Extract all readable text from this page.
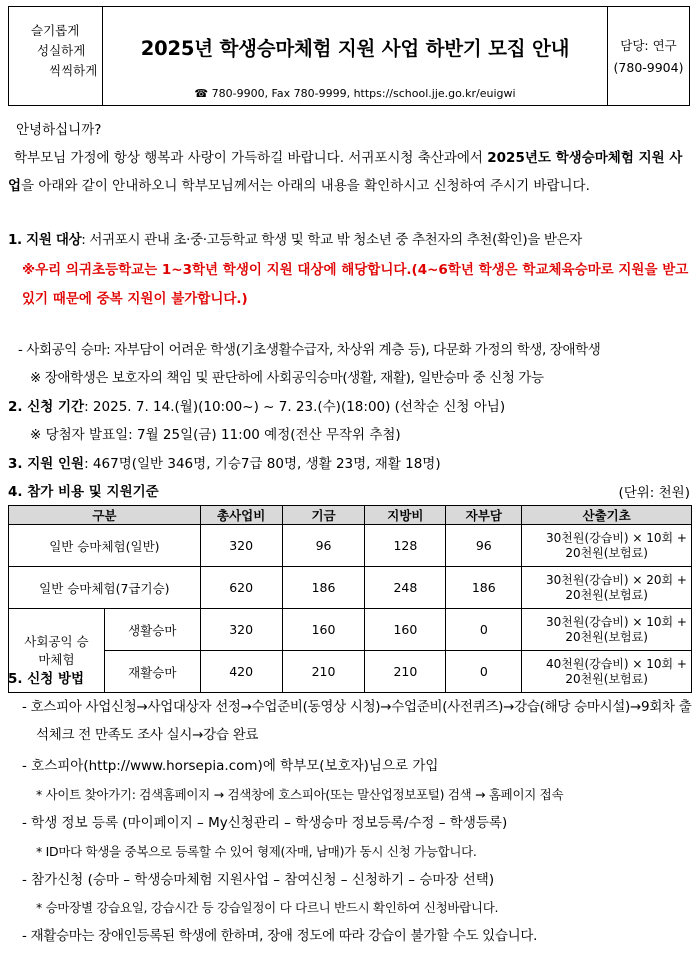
슬기롭게
성실하게
씩씩하게
2025년 학생승마체험 지원 사업 하반기 모집 안내
☎ 780-9900, Fax 780-9999, https://school.jje.go.kr/euigwi
담당: 연구
(780-9904)

안녕하십니까?

학부모님 가정에 항상 행복과 사랑이 가득하길 바랍니다. 서귀포시청 축산과에서 2025년도 학생승마체험 지원 사업을 아래와 같이 안내하오니 학부모님께서는 아래의 내용을 확인하시고 신청하여 주시기 바랍니다.

1. 지원 대상: 서귀포시 관내 초·중·고등학교 학생 및 학교 밖 청소년 중 추천자의 추천(확인)을 받은자

※우리 의귀초등학교는 1~3학년 학생이 지원 대상에 해당합니다.(4~6학년 학생은 학교체육승마로 지원을 받고 있기 때문에 중복 지원이 불가합니다.)

- 사회공익 승마: 자부담이 어려운 학생(기초생활수급자, 차상위 계층 등), 다문화 가정의 학생, 장애학생

※ 장애학생은 보호자의 책임 및 판단하에 사회공익승마(생활, 재활), 일반승마 중 신청 가능

2. 신청 기간: 2025. 7. 14.(월)(10:00~) ~ 7. 23.(수)(18:00) (선착순 신청 아님)

※ 당첨자 발표일: 7월 25일(금) 11:00 예정(전산 무작위 추첨)

3. 지원 인원: 467명(일반 346명, 기승7급 80명, 생활 23명, 재활 18명)

4. 참가 비용 및 지원기준	(단위: 천원)
구분		총사업비	기금	지방비	자부담	산출기초
일반 승마체험(일반)		320	96	128	96	30천원(강습비) × 10회 +
20천원(보험료)

일반 승마체험(7급기승)		620	186	248	186	30천원(강습비) × 20회 +
20천원(보험료)

사회공익 승마체험	생활승마	320	160	160	0	30천원(강습비) × 10회 +
20천원(보험료)

	재활승마	420	210	210	0	40천원(강습비) × 10회 +
20천원(보험료)

5. 신청 방법

- 호스피아 사업신청→사업대상자 선정→수업준비(동영상 시청)→수업준비(사전퀴즈)→강습(해당 승마시설)→9회차 출석체크 전 만족도 조사 실시→강습 완료

- 호스피아(http://www.horsepia.com)에 학부모(보호자)님으로 가입

* 사이트 찾아가기: 검색홈페이지 → 검색창에 호스피아(또는 말산업정보포털) 검색 → 홈페이지 접속

- 학생 정보 등록 (마이페이지 – My신청관리 – 학생승마 정보등록/수정 – 학생등록)

* ID마다 학생을 중복으로 등록할 수 있어 형제(자매, 남매)가 동시 신청 가능합니다.

- 참가신청 (승마 – 학생승마체험 지원사업 – 참여신청 – 신청하기 – 승마장 선택)

* 승마장별 강습요일, 강습시간 등 강습일정이 다 다르니 반드시 확인하여 신청바랍니다.

- 재활승마는 장애인등록된 학생에 한하며, 장애 정도에 따라 강습이 불가할 수도 있습니다.
